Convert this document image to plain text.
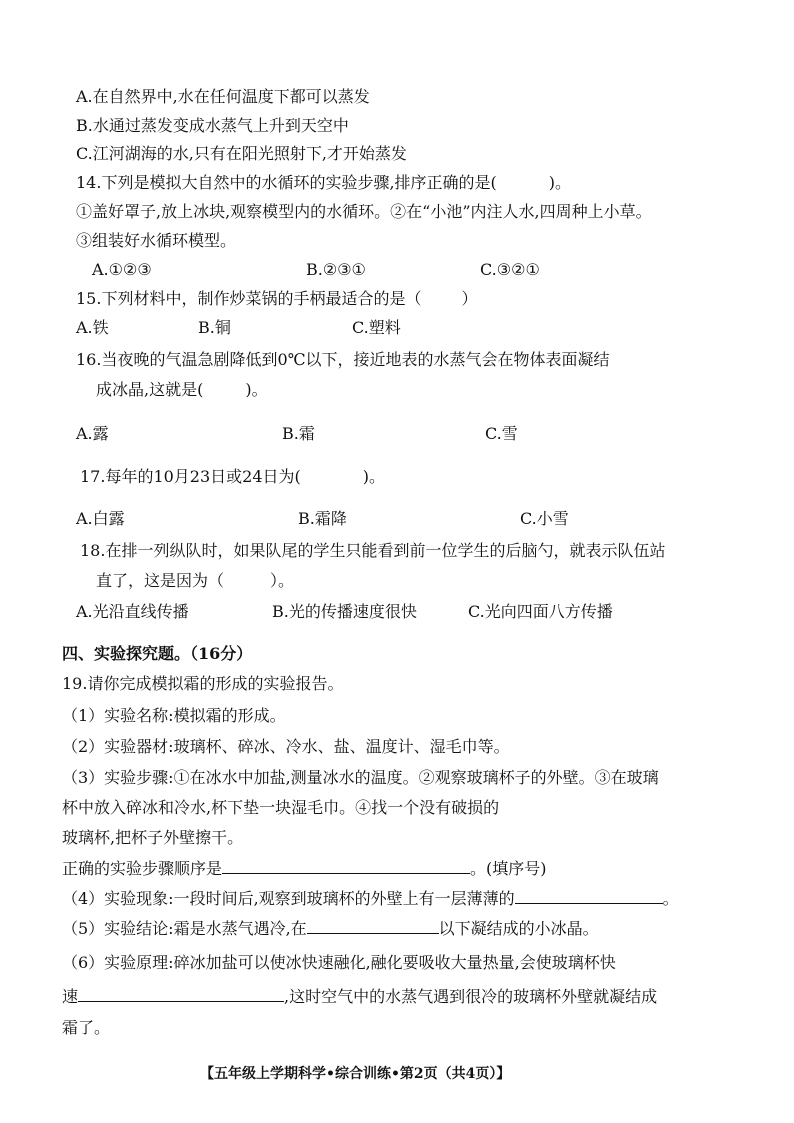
A.在自然界中,水在任何温度下都可以蒸发
B.水通过蒸发变成水蒸气上升到天空中
C.江河湖海的水,只有在阳光照射下,才开始蒸发
14.下列是模拟大自然中的水循环的实验步骤,排序正确的是(	)。
①盖好罩子,放上冰块,观察模型内的水循环。②在“小池”内注人水,四周种上小草。
③组装好水循环模型。
A.①②③	B.②③①	C.③②①
15.下列材料中，制作炒菜锅的手柄最适合的是（	）
A.铁	B.铜	C.塑料
16.当夜晚的气温急剧降低到0℃以下，接近地表的水蒸气会在物体表面凝结
成冰晶,这就是(	)。
A.露	B.霜	C.雪
17.每年的10月23日或24日为(	)。
A.白露	B.霜降	C.小雪
18.在排一列纵队时，如果队尾的学生只能看到前一位学生的后脑勺，就表示队伍站
直了，这是因为（	）。
A.光沿直线传播	B.光的传播速度很快	C.光向四面八方传播
四、实验探究题。（16分）
19.请你完成模拟霜的形成的实验报告。
（1）实验名称:模拟霜的形成。
（2）实验器材:玻璃杯、碎冰、冷水、盐、温度计、湿毛巾等。
（3）实验步骤:①在冰水中加盐,测量冰水的温度。②观察玻璃杯子的外壁。③在玻璃
杯中放入碎冰和冷水,杯下垫一块湿毛巾。④找一个没有破损的
玻璃杯,把杯子外壁擦干。
正确的实验步骤顺序是	。(填序号)
（4）实验现象:一段时间后,观察到玻璃杯的外壁上有一层薄薄的	。
（5）实验结论:霜是水蒸气遇冷,在	以下凝结成的小冰晶。
（6）实验原理:碎冰加盐可以使冰快速融化,融化要吸收大量热量,会使玻璃杯快
速	,这时空气中的水蒸气遇到很冷的玻璃杯外壁就凝结成
霜了。
【五年级上学期科学•综合训练•第2页（共4页）】
